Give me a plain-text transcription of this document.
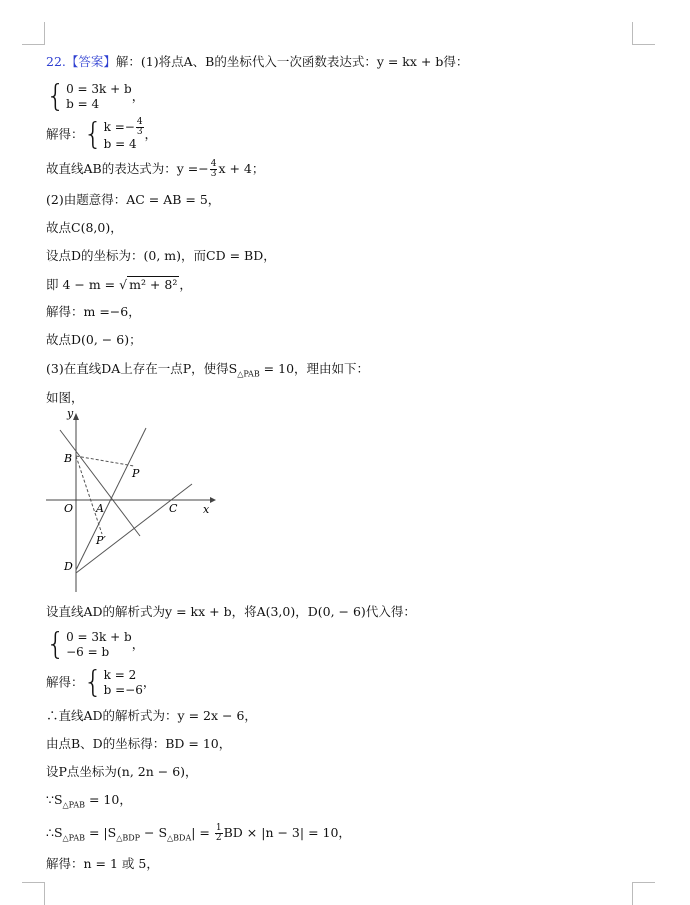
22.【答案】解：(1)将点A、B的坐标代入一次函数表达式：y = kx + b得：
{ 0 = 3k + b
b = 4
，
解得： { $k =- \frac{4}{3}$
b = 4
，
故直线AB的表达式为：$y =- \frac{4}{3}$ x + 4；
(2)由题意得：AC = AB = 5，
故点C(8,0)，
设点D的坐标为：(0, m)，而CD = BD，
即 4 − m = √ m² + 8² ，
解得：m =−6，
故点D(0, − 6)；
(3)在直线DA上存在一点P，使得$S_{\triangle PAB} = 10$，理由如下：
如图，
y
x
O A
B
C
D
P
P′
设直线AD的解析式为y = kx + b，将A(3,0)，D(0, − 6)代入得：
{ 0 = 3k + b
−6 = b
，
解得： { k = 2
b =−6
，
∴直线AD的解析式为：y = 2x − 6，
由点B、D的坐标得：BD = 10，
设P点坐标为(n, 2n − 6)，
$\because S_{\triangle PAB} = 10$，
$\therefore S_{\triangle PAB} = |S_{\triangle BDP} - S_{\triangle BDA}| = \frac{1}{2}$ BD × |n − 3| = 10，
解得：n = 1 或 5，
